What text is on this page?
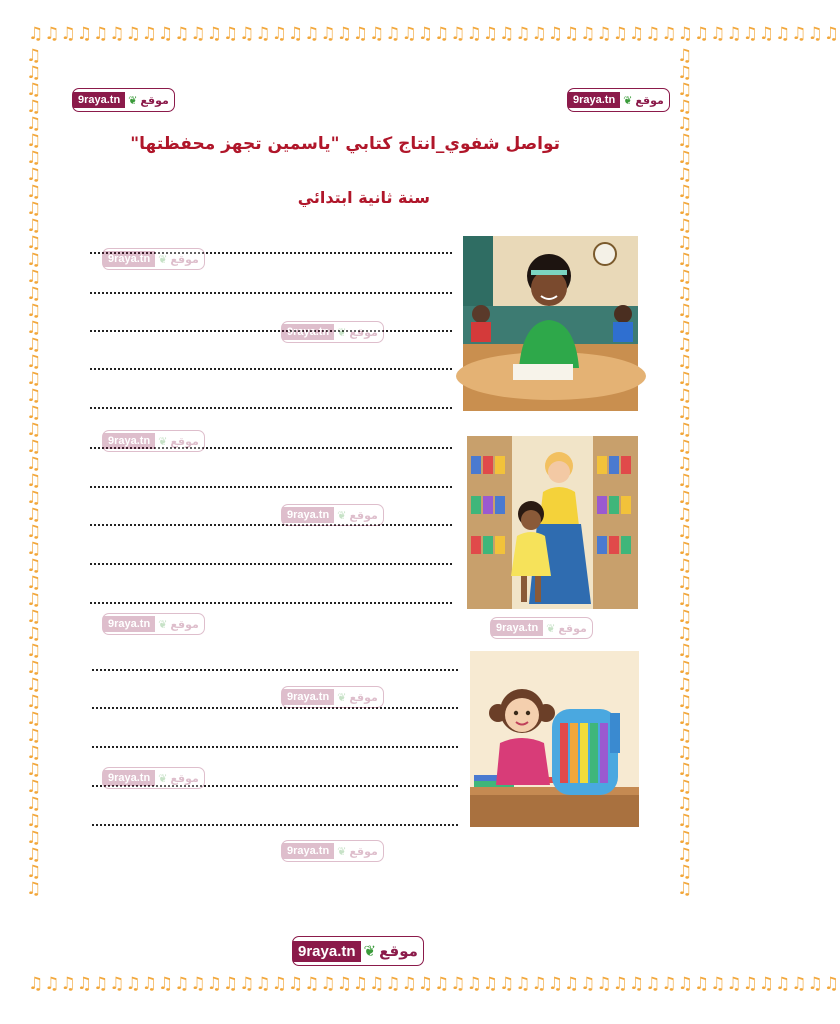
♫♫♫♫♫♫♫♫♫♫♫♫♫♫♫♫♫♫♫♫♫♫♫♫♫♫♫♫♫♫♫♫♫♫♫♫♫♫♫♫♫♫♫♫♫♫♫♫♫♫
♫♫♫♫♫♫♫♫♫♫♫♫♫♫♫♫♫♫♫♫♫♫♫♫♫♫♫♫♫♫♫♫♫♫♫♫♫♫♫♫♫♫♫♫♫♫♫♫♫♫
♫♫♫♫♫♫♫♫♫♫♫♫♫♫♫♫♫♫♫♫♫♫♫♫♫♫♫♫♫♫♫♫♫♫♫♫♫♫♫♫♫♫♫♫♫♫♫♫♫♫
♫♫♫♫♫♫♫♫♫♫♫♫♫♫♫♫♫♫♫♫♫♫♫♫♫♫♫♫♫♫♫♫♫♫♫♫♫♫♫♫♫♫♫♫♫♫♫♫♫♫
9raya.tn ❦ موقع	9raya.tn ❦ موقع
تواصل شفوي_انتاج كتابي "ياسمين تجهز محفظتها"
سنة ثانية ابتدائي
9raya.tn ❦ موقع
9raya.tn ❦ موقع
9raya.tn ❦ موقع
9raya.tn ❦ موقع
9raya.tn ❦ موقع	9raya.tn ❦ موقع
9raya.tn ❦ موقع
9raya.tn ❦ موقع
9raya.tn ❦ موقع
9raya.tn ❦ موقع
